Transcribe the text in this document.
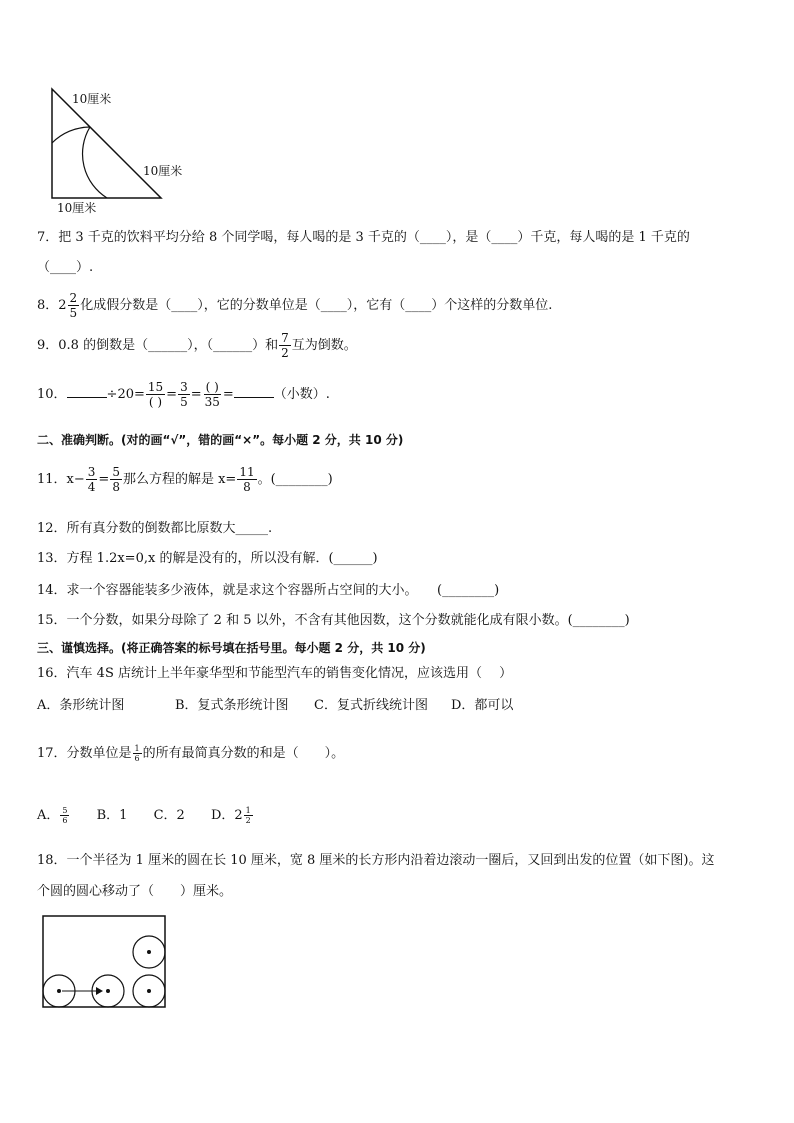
10厘米
10厘米
10厘米
7．把 3 千克的饮料平均分给 8 个同学喝，每人喝的是 3 千克的（____），是（____）千克，每人喝的是 1 千克的
（____）.
8．$2 \frac{2}{5}$ 化成假分数是（____），它的分数单位是（____），它有（____）个这样的分数单位.
9．0.8 的倒数是（______），（______）和 $\frac{7}{2}$ 互为倒数。
10．	÷20= 15
( ) = $\frac{3}{5}$ = ( )
35 =	（小数）.
二、准确判断。(对的画“√”，错的画“×”。每小题 2 分，共 10 分)
11．$x- \frac{3}{4} = \frac{5}{8}$ 那么方程的解是 $x= \frac{11}{8}$ 。(________)
12．所有真分数的倒数都比原数大_____.
13．方程 1.2x=0,x 的解是没有的，所以没有解．(______)
14．求一个容器能装多少液体，就是求这个容器所占空间的大小。　　(________)
15．一个分数，如果分母除了 2 和 5 以外，不含有其他因数，这个分数就能化成有限小数。(________)
三、谨慎选择。(将正确答案的标号填在括号里。每小题 2 分，共 10 分)
16．汽车 4S 店统计上半年豪华型和节能型汽车的销售变化情况，应该选用（　 ）
A．条形统计图	B．复式条形统计图 C．复式折线统计图 D．都可以
17．分数单位是 $\frac{1}{6}$ 的所有最简真分数的和是（　　）。
A． $\frac{5}{6}$ B．1 C．2 D．$2 \frac{1}{2}$
18．一个半径为 1 厘米的圆在长 10 厘米，宽 8 厘米的长方形内沿着边滚动一圈后，又回到出发的位置（如下图)。这
个圆的圆心移动了（　　）厘米。
